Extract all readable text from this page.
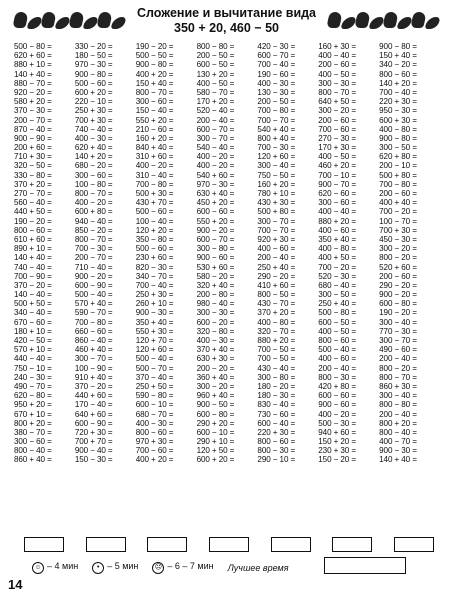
Сложение и вычитание вида
350 + 20, 460 − 50
500 − 80 =
620 + 60 =
880 + 10 =
140 + 40 =
880 − 70 =
920 − 20 =
580 + 20 =
370 − 30 =
200 − 70 =
870 − 40 =
900 − 90 =
200 + 60 =
710 + 30 =
320 − 50 =
330 − 80 =
370 + 20 =
270 − 70 =
560 − 40 =
440 + 50 =
190 − 20 =
800 − 60 =
610 + 60 =
890 + 10 =
140 + 40 =
740 − 40 =
700 − 90 =
370 − 20 =
140 − 40 =
500 + 50 =
340 − 40 =
670 − 60 =
180 + 10 =
420 − 50 =
570 + 10 =
440 − 40 =
750 − 10 =
240 − 30 =
490 − 70 =
620 − 80 =
950 + 20 =
670 + 10 =
800 + 20 =
380 − 70 =
300 − 60 =
800 − 40 =
860 + 40 =
330 − 20 =
180 − 50 =
970 − 30 =
900 − 80 =
500 − 60 =
600 + 20 =
220 − 10 =
250 + 30 =
700 + 30 =
740 − 40 =
400 − 30 =
620 + 40 =
140 + 20 =
680 − 20 =
300 − 60 =
100 − 80 =
800 − 70 =
400 − 20 =
600 + 80 =
940 − 40 =
850 − 20 =
800 − 70 =
700 − 30 =
200 − 70 =
710 − 40 =
900 − 20 =
600 − 90 =
500 − 40 =
570 + 40 =
590 − 70 =
700 − 80 =
660 − 60 =
860 − 40 =
460 + 40 =
300 − 70 =
100 − 90 =
910 + 40 =
370 − 20 =
440 + 60 =
170 − 40 =
640 + 60 =
600 − 90 =
720 + 30 =
700 + 70 =
900 − 40 =
150 − 30 =
190 − 20 =
500 − 50 =
900 − 80 =
400 + 20 =
150 + 40 =
800 − 70 =
300 − 60 =
150 − 40 =
550 + 20 =
210 − 60 =
160 + 20 =
840 + 40 =
310 + 60 =
400 − 20 =
310 − 40 =
700 − 80 =
500 + 30 =
430 + 70 =
500 − 60 =
100 − 40 =
120 + 20 =
350 − 80 =
500 − 60 =
230 + 60 =
820 − 30 =
340 − 70 =
700 − 40 =
250 + 30 =
260 + 10 =
900 − 30 =
350 + 40 =
550 + 30 =
120 + 70 =
120 + 60 =
500 − 40 =
500 − 70 =
370 − 40 =
250 + 50 =
590 − 80 =
600 − 10 =
680 − 70 =
400 − 30 =
800 − 60 =
970 + 30 =
700 − 60 =
400 + 20 =
800 − 80 =
200 − 50 =
600 − 50 =
130 + 20 =
400 − 50 =
580 − 70 =
170 + 20 =
520 − 40 =
200 − 40 =
600 − 70 =
300 − 70 =
540 − 40 =
400 − 20 =
400 − 20 =
540 + 60 =
970 − 30 =
630 + 40 =
450 + 20 =
600 − 60 =
550 + 20 =
900 − 20 =
600 − 70 =
300 − 80 =
900 − 60 =
530 + 60 =
580 − 20 =
320 + 40 =
200 − 80 =
980 − 40 =
300 − 30 =
600 − 20 =
320 − 80 =
400 − 30 =
370 + 40 =
630 + 30 =
200 − 20 =
360 + 40 =
300 − 20 =
960 + 40 =
900 − 50 =
600 − 80 =
290 + 20 =
600 − 10 =
290 + 10 =
120 + 50 =
600 + 20 =
420 − 30 =
600 − 70 =
700 − 40 =
190 − 60 =
400 − 30 =
130 − 30 =
200 − 50 =
700 − 80 =
700 − 70 =
540 + 40 =
800 + 40 =
700 − 30 =
120 + 60 =
300 − 40 =
750 − 50 =
160 + 20 =
780 + 10 =
430 + 30 =
500 + 80 =
300 − 70 =
700 − 70 =
920 + 30 =
400 − 60 =
200 − 40 =
250 + 40 =
290 − 20 =
410 + 60 =
800 − 50 =
430 − 70 =
370 + 20 =
400 − 80 =
320 − 70 =
880 + 20 =
700 − 50 =
700 − 50 =
430 − 40 =
300 − 80 =
180 − 20 =
180 − 30 =
830 − 40 =
730 − 60 =
600 − 40 =
220 + 30 =
800 − 60 =
800 − 30 =
290 − 10 =
160 + 30 =
400 − 40 =
200 − 60 =
400 − 50 =
300 − 30 =
800 − 70 =
640 + 50 =
300 − 20 =
200 − 60 =
700 − 60 =
270 − 30 =
170 + 30 =
400 − 50 =
460 + 20 =
700 − 10 =
900 − 70 =
620 − 60 =
300 − 60 =
400 − 40 =
880 + 20 =
400 − 60 =
350 + 40 =
400 − 80 =
400 + 50 =
700 − 20 =
520 − 30 =
680 − 40 =
300 − 50 =
250 + 40 =
500 − 80 =
600 − 50 =
400 − 50 =
800 − 60 =
500 − 40 =
400 − 60 =
200 − 40 =
800 − 30 =
420 + 80 =
600 − 60 =
900 − 60 =
400 − 20 =
500 − 30 =
940 + 60 =
150 + 20 =
230 + 30 =
150 − 20 =
900 − 80 =
150 + 40 =
340 − 20 =
800 − 60 =
140 + 20 =
700 − 40 =
220 + 30 =
950 − 30 =
600 + 30 =
400 − 80 =
900 − 80 =
300 − 50 =
620 + 80 =
200 − 10 =
500 + 80 =
700 − 80 =
200 − 60 =
400 + 40 =
700 − 20 =
100 − 70 =
700 + 30 =
450 − 30 =
300 − 20 =
800 − 20 =
520 + 60 =
200 − 60 =
290 − 20 =
900 − 20 =
600 − 80 =
190 − 20 =
300 − 40 =
770 − 30 =
300 − 70 =
490 − 60 =
200 − 40 =
800 − 20 =
800 − 70 =
860 + 30 =
300 − 40 =
800 − 80 =
200 − 40 =
800 + 20 =
800 − 40 =
400 − 70 =
900 − 30 =
140 + 40 =
☺ – 4 мин	• – 5 мин	☹ – 6 – 7 мин Лучшее время
14
